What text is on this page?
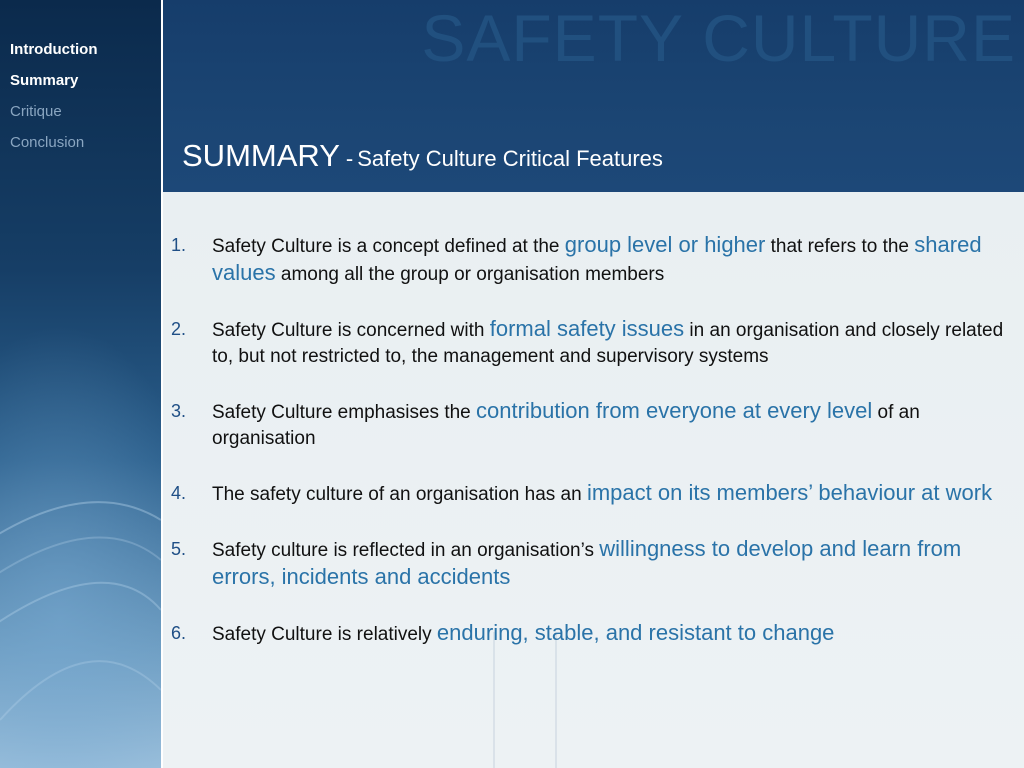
Introduction
Summary
Critique
Conclusion
SAFETY CULTURE
SUMMARY - Safety Culture Critical Features
1. Safety Culture is a concept defined at the group level or higher that refers to the shared values among all the group or organisation members
2. Safety Culture is concerned with formal safety issues in an organisation and closely related to, but not restricted to, the management and supervisory systems
3. Safety Culture emphasises the contribution from everyone at every level of an organisation
4. The safety culture of an organisation has an impact on its members’ behaviour at work
5. Safety culture is reflected in an organisation’s willingness to develop and learn from errors, incidents and accidents
6. Safety Culture is relatively enduring, stable, and resistant to change
